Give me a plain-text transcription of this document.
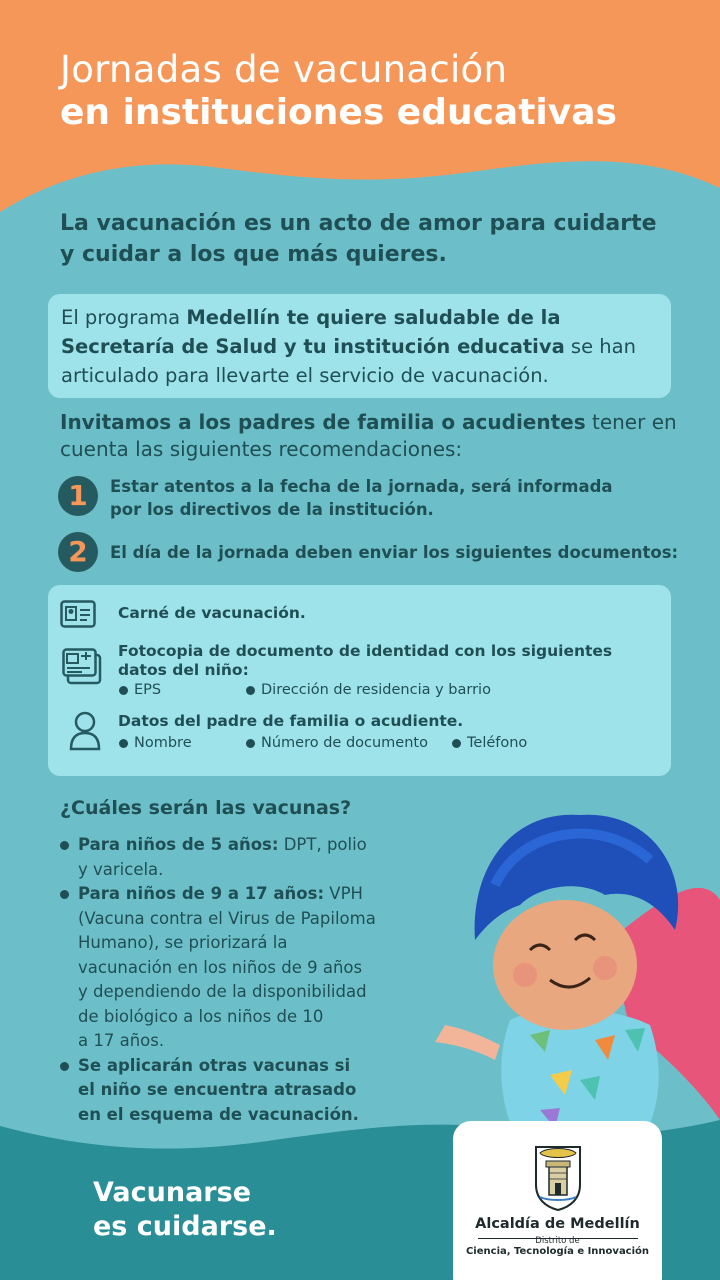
Jornadas de vacunación
en instituciones educativas
La vacunación es un acto de amor para cuidarte
y cuidar a los que más quieres.
El programa Medellín te quiere saludable de la Secretaría de Salud y tu institución educativa se han articulado para llevarte el servicio de vacunación.
Invitamos a los padres de familia o acudientes tener en cuenta las siguientes recomendaciones:
1	Estar atentos a la fecha de la jornada, será informada
por los directivos de la institución.
2	El día de la jornada deben enviar los siguientes documentos:
Carné de vacunación.
Fotocopia de documento de identidad con los siguientes
datos del niño:
EPS	Dirección de residencia y barrio
Datos del padre de familia o acudiente.
Nombre	Número de documento	Teléfono
¿Cuáles serán las vacunas?
Para niños de 5 años: DPT, polio
y varicela.
Para niños de 9 a 17 años: VPH
(Vacuna contra el Virus de Papiloma
Humano), se priorizará la
vacunación en los niños de 9 años
y dependiendo de la disponibilidad
de biológico a los niños de 10
a 17 años.
Se aplicarán otras vacunas si
el niño se encuentra atrasado
en el esquema de vacunación.
Vacunarse
es cuidarse.	Alcaldía de Medellín
Distrito de
Ciencia, Tecnología e Innovación
